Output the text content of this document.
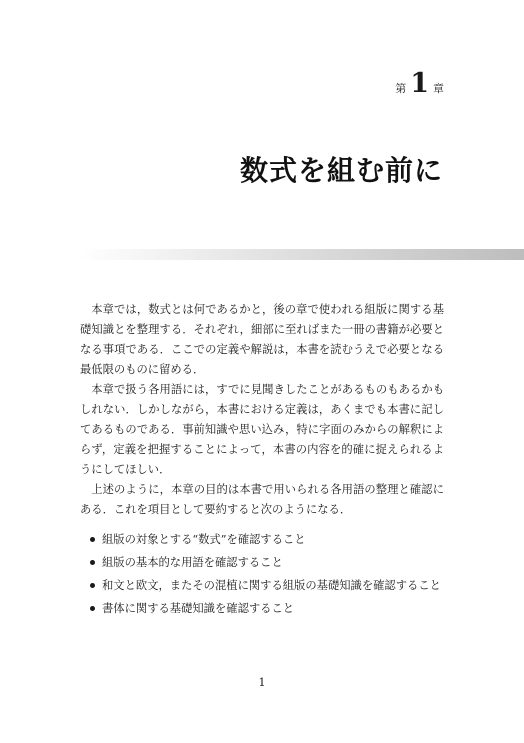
第 1 章
数式を組む前に

本章では，数式とは何であるかと，後の章で使われる組版に関する基礎知識とを整理する．それぞれ，細部に至ればまた一冊の書籍が必要となる事項である．ここでの定義や解説は，本書を読むうえで必要となる最低限のものに留める．

本章で扱う各用語には，すでに見聞きしたことがあるものもあるかもしれない．しかしながら，本書における定義は，あくまでも本書に記してあるものである．事前知識や思い込み，特に字面のみからの解釈によらず，定義を把握することによって，本書の内容を的確に捉えられるようにしてほしい．

上述のように，本章の目的は本書で用いられる各用語の整理と確認にある．これを項目として要約すると次のようになる．

組版の対象とする“数式”を確認すること
組版の基本的な用語を確認すること
和文と欧文，またその混植に関する組版の基礎知識を確認すること
書体に関する基礎知識を確認すること
1
